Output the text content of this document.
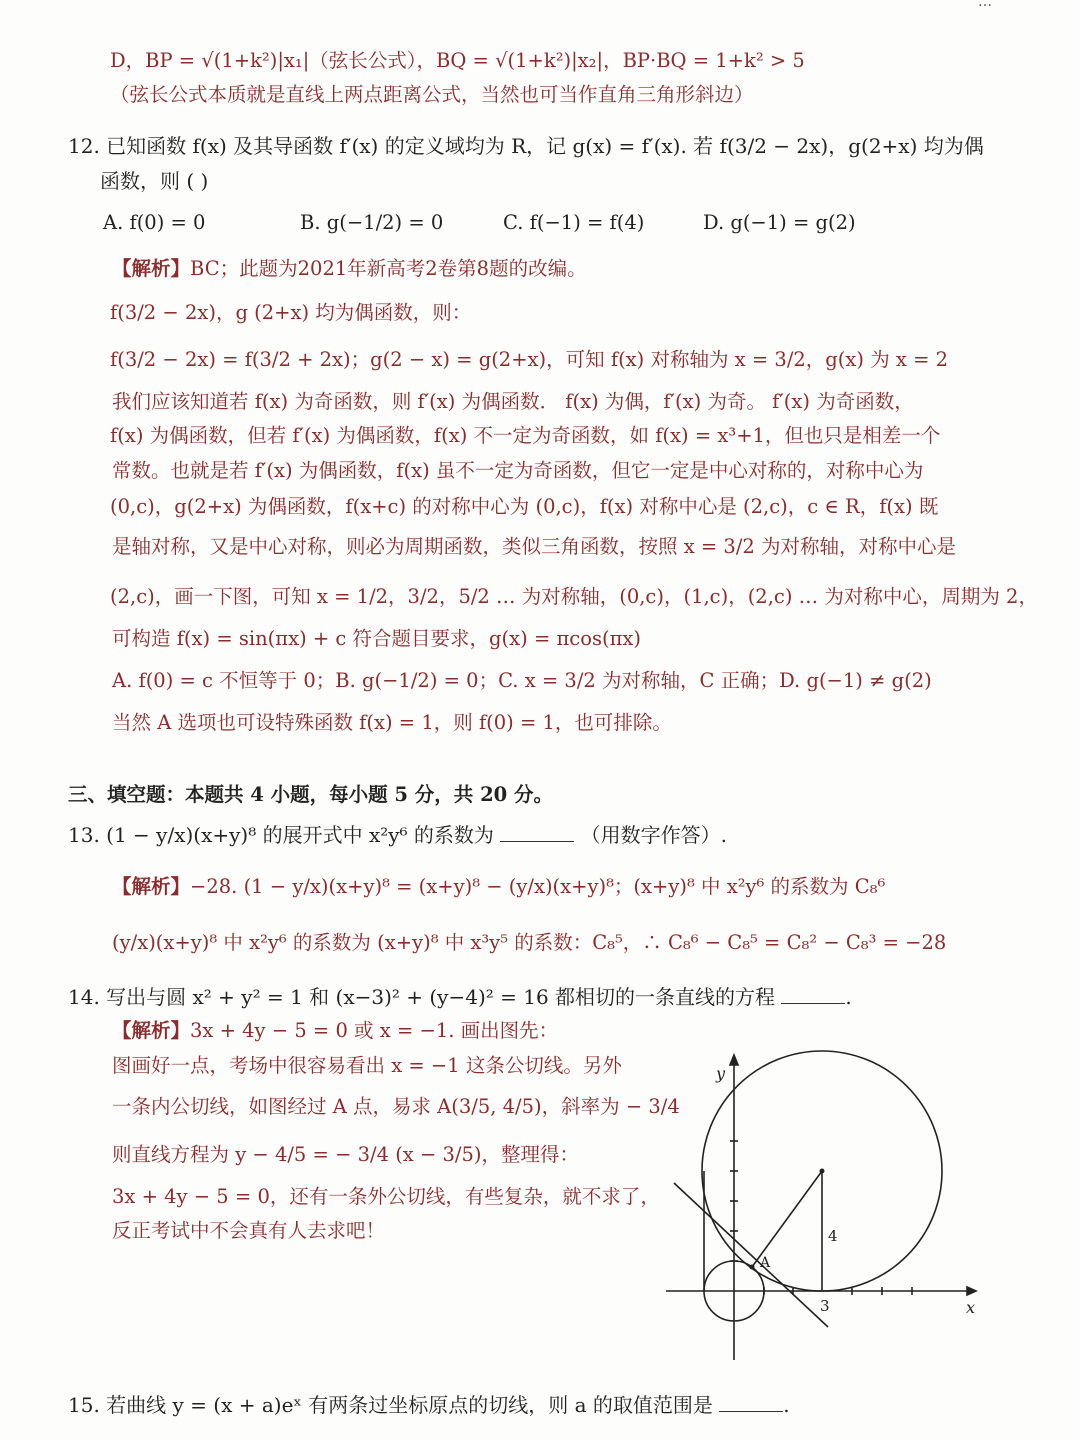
…
D，BP = √(1+k²)|x₁|（弦长公式），BQ = √(1+k²)|x₂|，BP·BQ = 1+k² > 5
（弦长公式本质就是直线上两点距离公式，当然也可当作直角三角形斜边）
12. 已知函数 f(x) 及其导函数 f′(x) 的定义域均为 R，记 g(x) = f′(x). 若 f(3/2 − 2x)，g(2+x) 均为偶
函数，则 ( )
A. f(0) = 0	B. g(−1/2) = 0	C. f(−1) = f(4)	D. g(−1) = g(2)
【解析】BC；此题为2021年新高考2卷第8题的改编。
f(3/2 − 2x)，g (2+x) 均为偶函数，则：
f(3/2 − 2x) = f(3/2 + 2x)；g(2 − x) = g(2+x)，可知 f(x) 对称轴为 x = 3/2，g(x) 为 x = 2
我们应该知道若 f(x) 为奇函数，则 f′(x) 为偶函数． f(x) 为偶，f′(x) 为奇。 f′(x) 为奇函数，
f(x) 为偶函数，但若 f′(x) 为偶函数，f(x) 不一定为奇函数，如 f(x) = x³+1，但也只是相差一个
常数。也就是若 f′(x) 为偶函数，f(x) 虽不一定为奇函数，但它一定是中心对称的，对称中心为
(0,c)，g(2+x) 为偶函数，f(x+c) 的对称中心为 (0,c)，f(x) 对称中心是 (2,c)，c ∈ R，f(x) 既
是轴对称，又是中心对称，则必为周期函数，类似三角函数，按照 x = 3/2 为对称轴，对称中心是
(2,c)，画一下图，可知 x = 1/2，3/2，5/2 … 为对称轴，(0,c)，(1,c)，(2,c) … 为对称中心，周期为 2，
可构造 f(x) = sin(πx) + c 符合题目要求，g(x) = πcos(πx)
A. f(0) = c 不恒等于 0；B. g(−1/2) = 0；C. x = 3/2 为对称轴，C 正确；D. g(−1) ≠ g(2)
当然 A 选项也可设特殊函数 f(x) = 1，则 f(0) = 1，也可排除。
三、填空题：本题共 4 小题，每小题 5 分，共 20 分。
13. (1 − y/x)(x+y)⁸ 的展开式中 x²y⁶ 的系数为	（用数字作答）.
【解析】−28. (1 − y/x)(x+y)⁸ = (x+y)⁸ − (y/x)(x+y)⁸；(x+y)⁸ 中 x²y⁶ 的系数为 C₈⁶
(y/x)(x+y)⁸ 中 x²y⁶ 的系数为 (x+y)⁸ 中 x³y⁵ 的系数：C₈⁵，∴ C₈⁶ − C₈⁵ = C₈² − C₈³ = −28
14. 写出与圆 x² + y² = 1 和 (x−3)² + (y−4)² = 16 都相切的一条直线的方程	.
【解析】3x + 4y − 5 = 0 或 x = −1. 画出图先：
图画好一点，考场中很容易看出 x = −1 这条公切线。另外
一条内公切线，如图经过 A 点，易求 A(3/5, 4/5)，斜率为 − 3/4
则直线方程为 y − 4/5 = − 3/4 (x − 3/5)，整理得：
3x + 4y − 5 = 0，还有一条外公切线，有些复杂，就不求了，
反正考试中不会真有人去求吧！
y
x
A
4
3
15. 若曲线 y = (x + a)eˣ 有两条过坐标原点的切线，则 a 的取值范围是	.
